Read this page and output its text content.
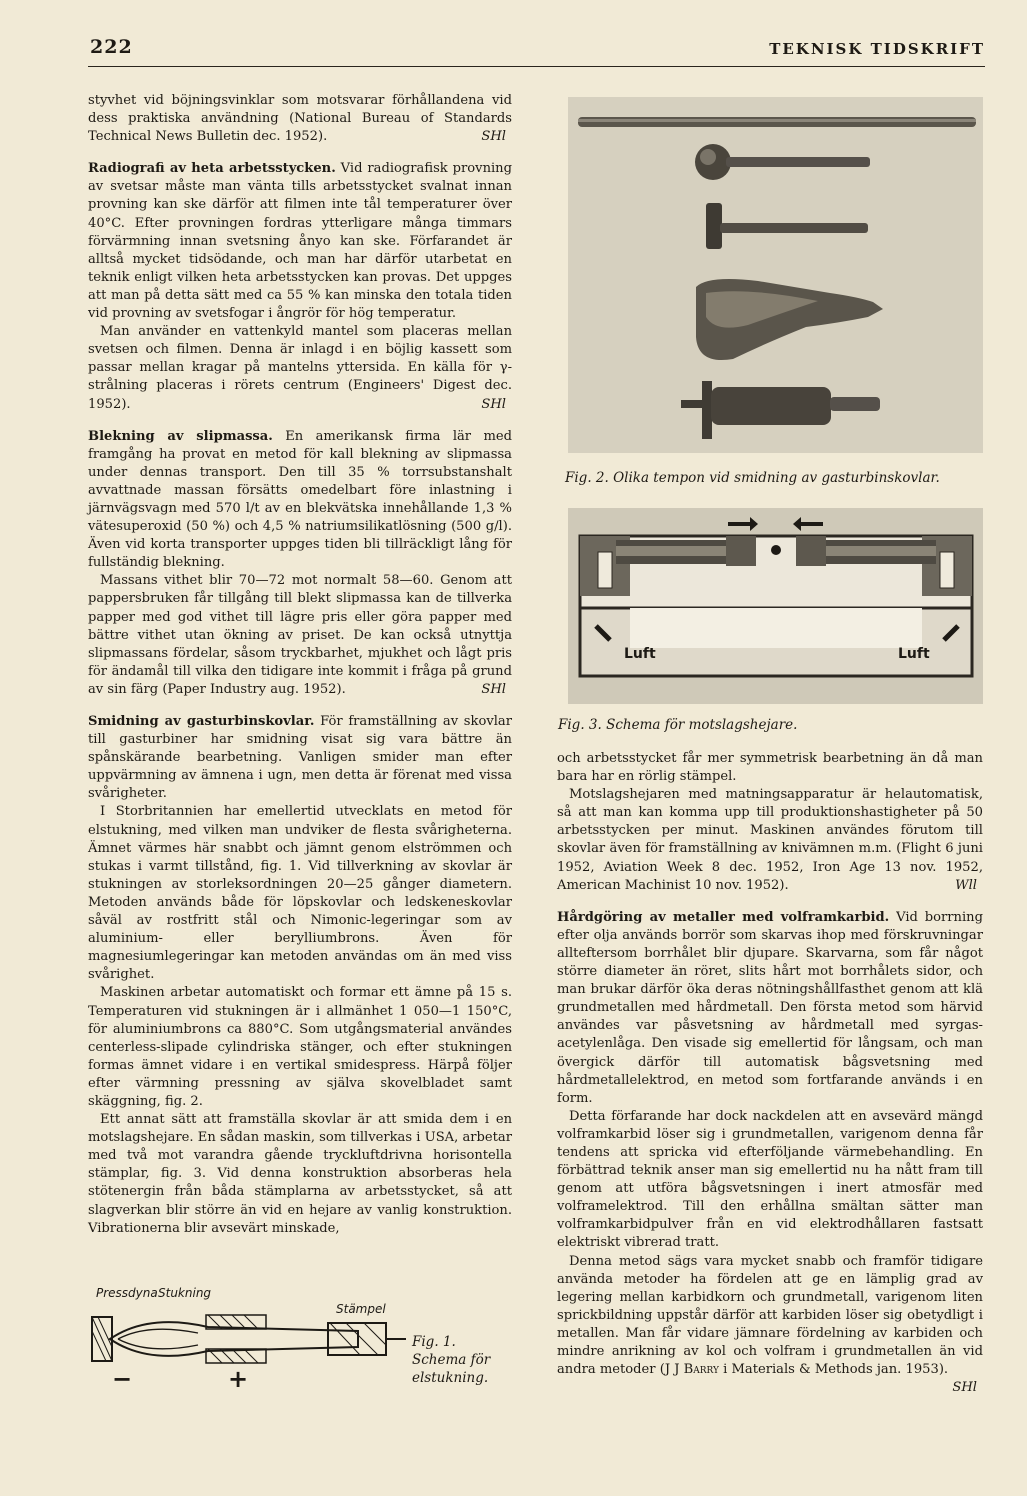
222	TEKNISK TIDSKRIFT

styvhet vid böjningsvinklar som motsvarar förhållandena vid dess praktiska användning (National Bureau of Standards Technical News Bulletin dec. 1952).	SHl

Radiografi av heta arbetsstycken. Vid radiografisk provning av svetsar måste man vänta tills arbetsstycket svalnat innan provning kan ske därför att filmen inte tål temperaturer över 40°C. Efter provningen fordras ytterligare många timmars förvärmning innan svetsning ånyo kan ske. Förfarandet är alltså mycket tidsödande, och man har därför utarbetat en teknik enligt vilken heta arbetsstycken kan provas. Det uppges att man på detta sätt med ca 55 % kan minska den totala tiden vid provning av svetsfogar i ångrör för hög temperatur.

Man använder en vattenkyld mantel som placeras mellan svetsen och filmen. Denna är inlagd i en böjlig kassett som passar mellan kragar på mantelns yttersida. En källa för γ-strålning placeras i rörets centrum (Engineers' Digest dec. 1952).	SHl

Blekning av slipmassa. En amerikansk firma lär med framgång ha provat en metod för kall blekning av slipmassa under dennas transport. Den till 35 % torrsubstanshalt avvattnade massan försätts omedelbart före inlastning i järnvägsvagn med 570 l/t av en blekvätska innehållande 1,3 % vätesuperoxid (50 %) och 4,5 % natriumsilikatlösning (500 g/l). Även vid korta transporter uppges tiden bli tillräckligt lång för fullständig blekning.

Massans vithet blir 70—72 mot normalt 58—60. Genom att pappersbruken får tillgång till blekt slipmassa kan de tillverka papper med god vithet till lägre pris eller göra papper med bättre vithet utan ökning av priset. De kan också utnyttja slipmassans fördelar, såsom tryckbarhet, mjukhet och lågt pris för ändamål till vilka den tidigare inte kommit i fråga på grund av sin färg (Paper Industry aug. 1952).	SHl

Smidning av gasturbinskovlar. För framställning av skovlar till gasturbiner har smidning visat sig vara bättre än spånskärande bearbetning. Vanligen smider man efter uppvärmning av ämnena i ugn, men detta är förenat med vissa svårigheter.

I Storbritannien har emellertid utvecklats en metod för elstukning, med vilken man undviker de flesta svårigheterna. Ämnet värmes här snabbt och jämnt genom elströmmen och stukas i varmt tillstånd, fig. 1. Vid tillverkning av skovlar är stukningen av storleksordningen 20—25 gånger diametern. Metoden används både för löpskovlar och ledskeneskovlar såväl av rostfritt stål och Nimonic-legeringar som av aluminium- eller berylliumbrons. Även för magnesiumlegeringar kan metoden användas om än med viss svårighet.

Maskinen arbetar automatiskt och formar ett ämne på 15 s. Temperaturen vid stukningen är i allmänhet 1 050—1 150°C, för aluminiumbrons ca 880°C. Som utgångsmaterial användes centerless-slipade cylindriska stänger, och efter stukningen formas ämnet vidare i en vertikal smidespress. Härpå följer efter värmning pressning av själva skovelbladet samt skäggning, fig. 2.

Ett annat sätt att framställa skovlar är att smida dem i en motslagshejare. En sådan maskin, som tillverkas i USA, arbetar med två mot varandra gående tryckluftdrivna horisontella stämplar, fig. 3. Vid denna konstruktion absorberas hela stötenergin från båda stämplarna av arbetsstycket, så att slagverkan blir större än vid en hejare av vanlig konstruktion. Vibrationerna blir avsevärt minskade,

Fig. 2. Olika tempon vid smidning av gasturbinskovlar.
Luft	Luft
Fig. 3. Schema för motslagshejare.

och arbetsstycket får mer symmetrisk bearbetning än då man bara har en rörlig stämpel.

Motslagshejaren med matningsapparatur är helautomatisk, så att man kan komma upp till produktionshastigheter på 50 arbetsstycken per minut. Maskinen användes förutom till skovlar även för framställning av knivämnen m.m. (Flight 6 juni 1952, Aviation Week 8 dec. 1952, Iron Age 13 nov. 1952, American Machinist 10 nov. 1952).	Wll

Hårdgöring av metaller med volframkarbid. Vid borrning efter olja används borrör som skarvas ihop med förskruvningar allteftersom borrhålet blir djupare. Skarvarna, som får något större diameter än röret, slits hårt mot borrhålets sidor, och man brukar därför öka deras nötningshållfasthet genom att klä grundmetallen med hårdmetall. Den första metod som härvid användes var påsvetsning av hårdmetall med syrgas-acetylenlåga. Den visade sig emellertid för långsam, och man övergick därför till automatisk bågsvetsning med hårdmetallelektrod, en metod som fortfarande används i en form.

Detta förfarande har dock nackdelen att en avsevärd mängd volframkarbid löser sig i grundmetallen, varigenom denna får tendens att spricka vid efterföljande värmebehandling. En förbättrad teknik anser man sig emellertid nu ha nått fram till genom att utföra bågsvetsningen i inert atmosfär med volframelektrod. Till den erhållna smältan sätter man volframkarbidpulver från en vid elektrodhållaren fastsatt elektriskt vibrerad tratt.

Denna metod sägs vara mycket snabb och framför tidigare använda metoder ha fördelen att ge en lämplig grad av legering mellan karbidkorn och grundmetall, varigenom liten sprickbildning uppstår därför att karbiden löser sig obetydligt i metallen. Man får vidare jämnare fördelning av karbiden och mindre anrikning av kol och volfram i grundmetallen än vid andra metoder (J J Barry i Materials & Methods jan. 1953).
SHl

Pressdyna Stukning
Stämpel
−	+
Fig. 1.
Schema för
elstukning.
